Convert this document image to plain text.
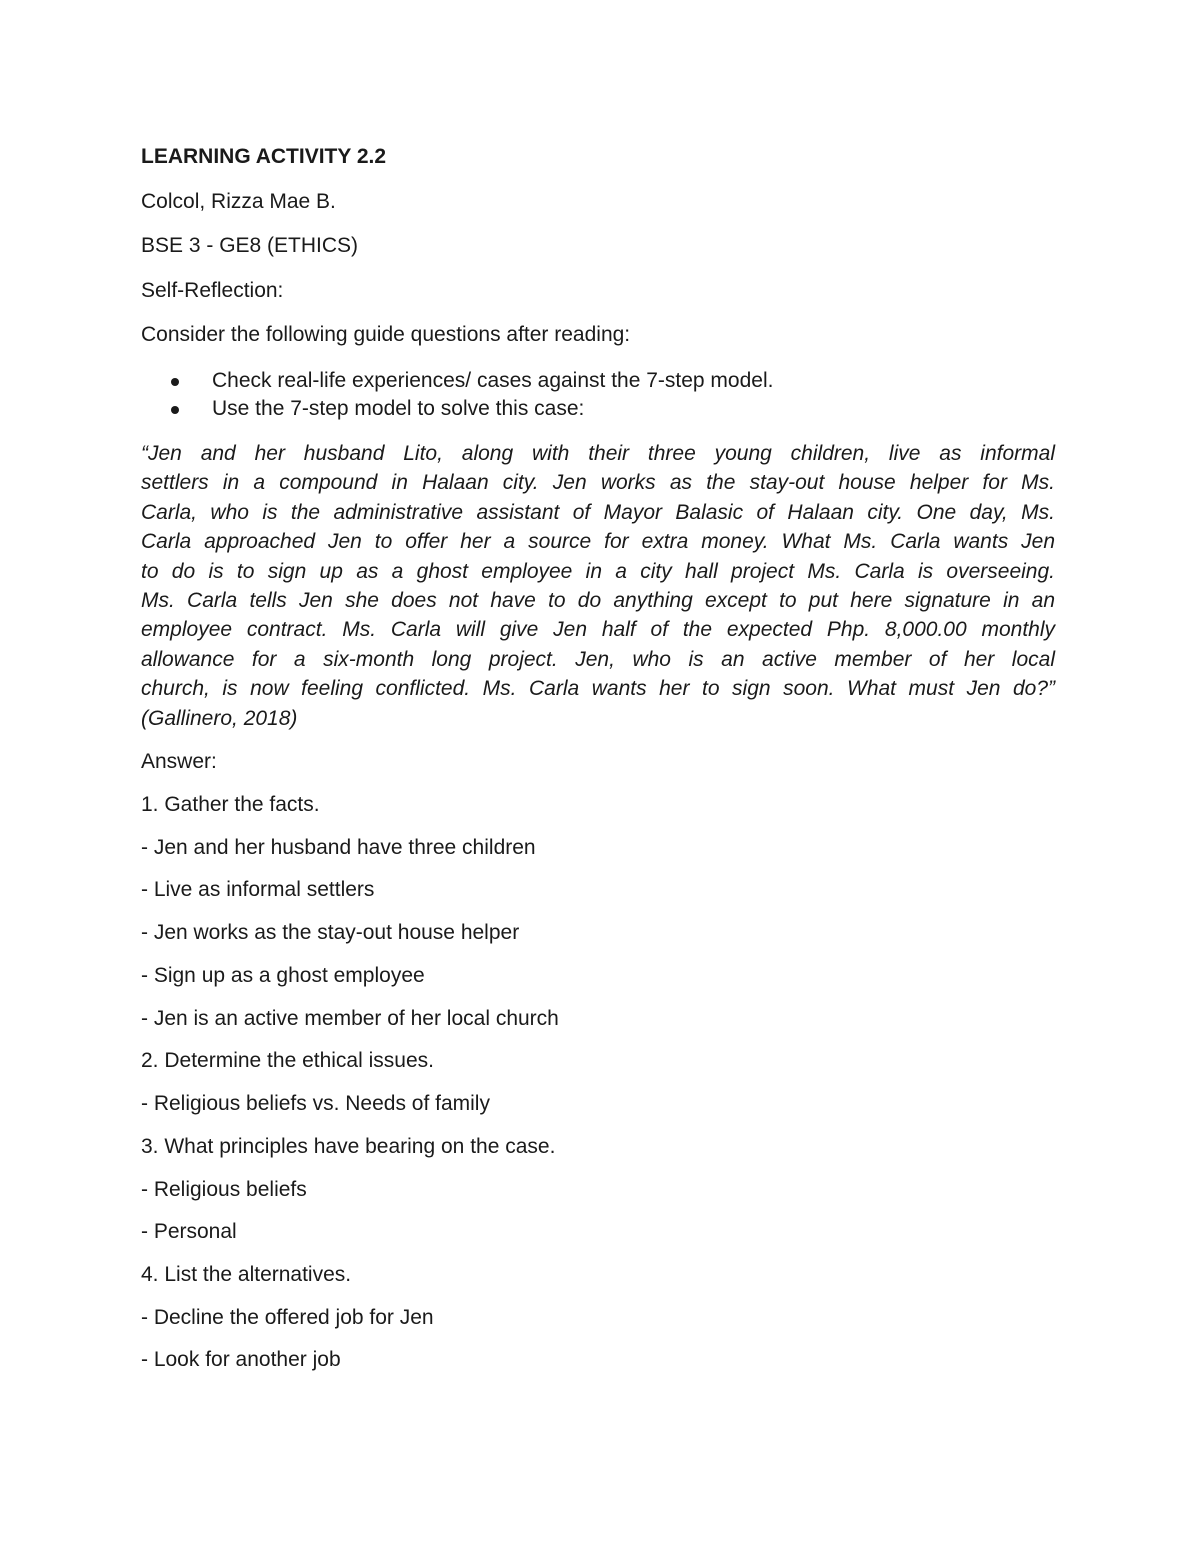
LEARNING ACTIVITY 2.2
Colcol, Rizza Mae B.
BSE 3 - GE8 (ETHICS)
Self-Reflection:
Consider the following guide questions after reading:
Check real-life experiences/ cases against the 7-step model.
Use the 7-step model to solve this case:
“Jen and her husband Lito, along with their three young children, live as informal
settlers in a compound in Halaan city. Jen works as the stay-out house helper for Ms.
Carla, who is the administrative assistant of Mayor Balasic of Halaan city. One day, Ms.
Carla approached Jen to offer her a source for extra money. What Ms. Carla wants Jen
to do is to sign up as a ghost employee in a city hall project Ms. Carla is overseeing.
Ms. Carla tells Jen she does not have to do anything except to put here signature in an
employee contract. Ms. Carla will give Jen half of the expected Php. 8,000.00 monthly
allowance for a six-month long project. Jen, who is an active member of her local
church, is now feeling conflicted. Ms. Carla wants her to sign soon. What must Jen do?”
(Gallinero, 2018)
Answer:
1. Gather the facts.
- Jen and her husband have three children
- Live as informal settlers
- Jen works as the stay-out house helper
- Sign up as a ghost employee
- Jen is an active member of her local church
2. Determine the ethical issues.
- Religious beliefs vs. Needs of family
3. What principles have bearing on the case.
- Religious beliefs
- Personal
4. List the alternatives.
- Decline the offered job for Jen
- Look for another job
